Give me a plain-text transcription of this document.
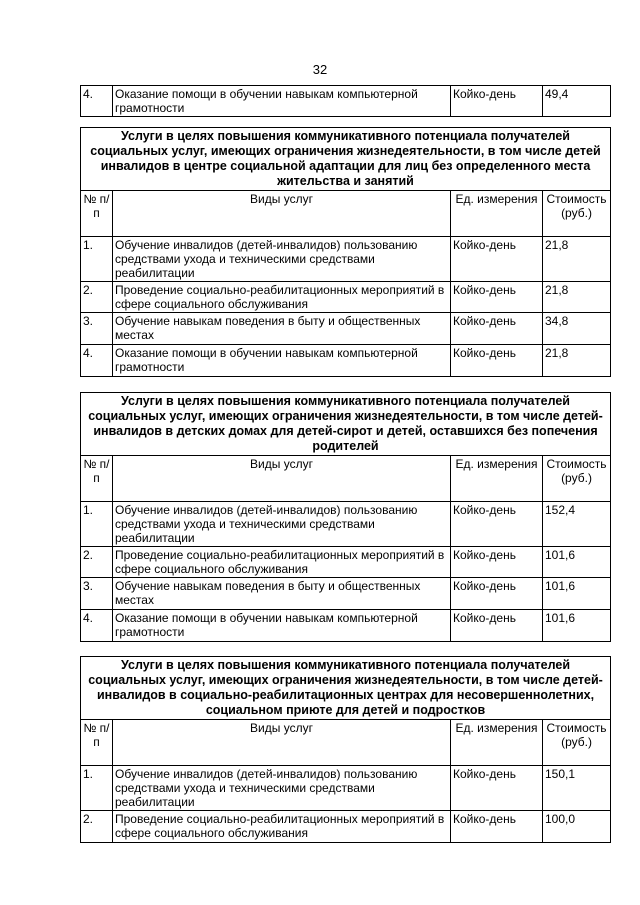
32
4.	Оказание помощи в обучении навыкам компьютерной грамотности	Койко-день	49,4
Услуги в целях повышения коммуникативного потенциала получателей социальных услуг, имеющих ограничения жизнедеятельности, в том числе детей инвалидов в центре социальной адаптации для лиц без определенного места жительства и занятий			
№ п/п	Виды услуг	Ед. измерения	Стоимость (руб.)
1.	Обучение инвалидов (детей-инвалидов) пользованию средствами ухода и техническими средствами реабилитации	Койко-день	21,8
2.	Проведение социально-реабилитационных мероприятий в сфере социального обслуживания	Койко-день	21,8
3.	Обучение навыкам поведения в быту и общественных местах	Койко-день	34,8
4.	Оказание помощи в обучении навыкам компьютерной грамотности	Койко-день	21,8
Услуги в целях повышения коммуникативного потенциала получателей социальных услуг, имеющих ограничения жизнедеятельности, в том числе детей-инвалидов в детских домах для детей-сирот и детей, оставшихся без попечения родителей			
№ п/п	Виды услуг	Ед. измерения	Стоимость (руб.)
1.	Обучение инвалидов (детей-инвалидов) пользованию средствами ухода и техническими средствами реабилитации	Койко-день	152,4
2.	Проведение социально-реабилитационных мероприятий в сфере социального обслуживания	Койко-день	101,6
3.	Обучение навыкам поведения в быту и общественных местах	Койко-день	101,6
4.	Оказание помощи в обучении навыкам компьютерной грамотности	Койко-день	101,6
Услуги в целях повышения коммуникативного потенциала получателей социальных услуг, имеющих ограничения жизнедеятельности, в том числе детей-инвалидов в социально-реабилитационных центрах для несовершеннолетних, социальном приюте для детей и подростков			
№ п/п	Виды услуг	Ед. измерения	Стоимость (руб.)
1.	Обучение инвалидов (детей-инвалидов) пользованию средствами ухода и техническими средствами реабилитации	Койко-день	150,1
2.	Проведение социально-реабилитационных мероприятий в сфере социального обслуживания	Койко-день	100,0
